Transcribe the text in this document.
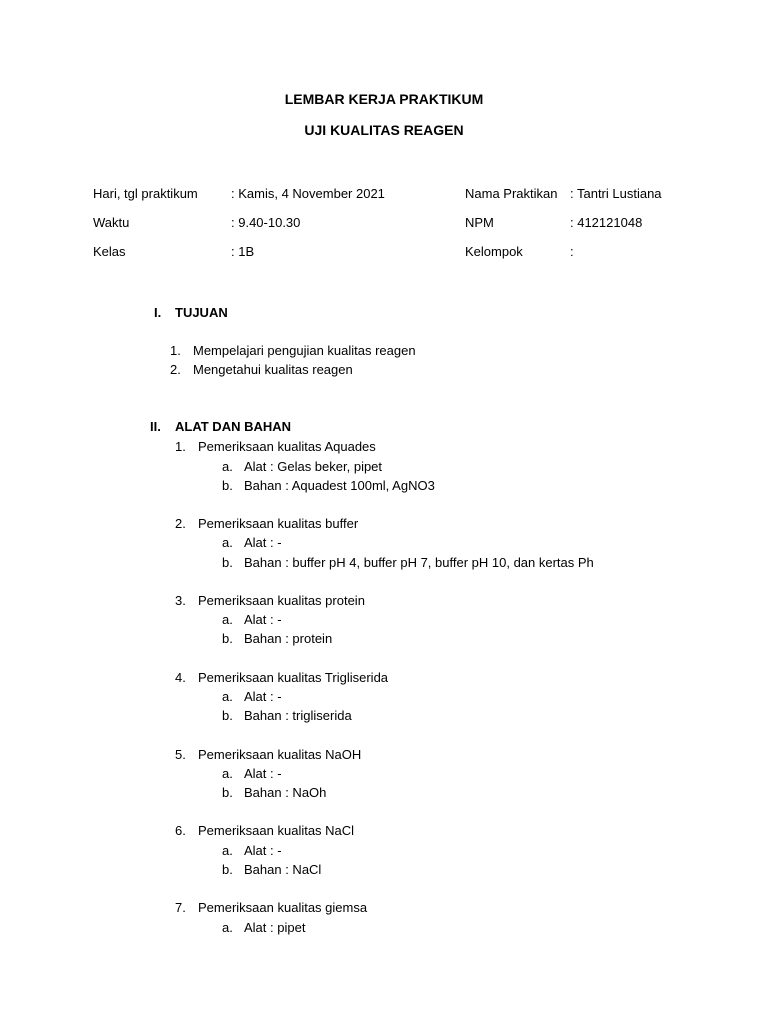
LEMBAR KERJA PRAKTIKUM
UJI KUALITAS REAGEN
Hari, tgl praktikum	: Kamis, 4 November 2021	Nama Praktikan : Tantri Lustiana
Waktu	: 9.40-10.30	NPM	: 412121048
Kelas	: 1B	Kelompok	:
I. TUJUAN
1. Mempelajari pengujian kualitas reagen
2. Mengetahui kualitas reagen
II. ALAT DAN BAHAN
1. Pemeriksaan kualitas Aquades
a. Alat : Gelas beker, pipet
b. Bahan : Aquadest 100ml, AgNO3
2. Pemeriksaan kualitas buffer
a. Alat : -
b. Bahan : buffer pH 4, buffer pH 7, buffer pH 10, dan kertas Ph
3. Pemeriksaan kualitas protein
a. Alat : -
b. Bahan : protein
4. Pemeriksaan kualitas Trigliserida
a. Alat : -
b. Bahan : trigliserida
5. Pemeriksaan kualitas NaOH
a. Alat : -
b. Bahan : NaOh
6. Pemeriksaan kualitas NaCl
a. Alat : -
b. Bahan : NaCl
7. Pemeriksaan kualitas giemsa
a. Alat : pipet
